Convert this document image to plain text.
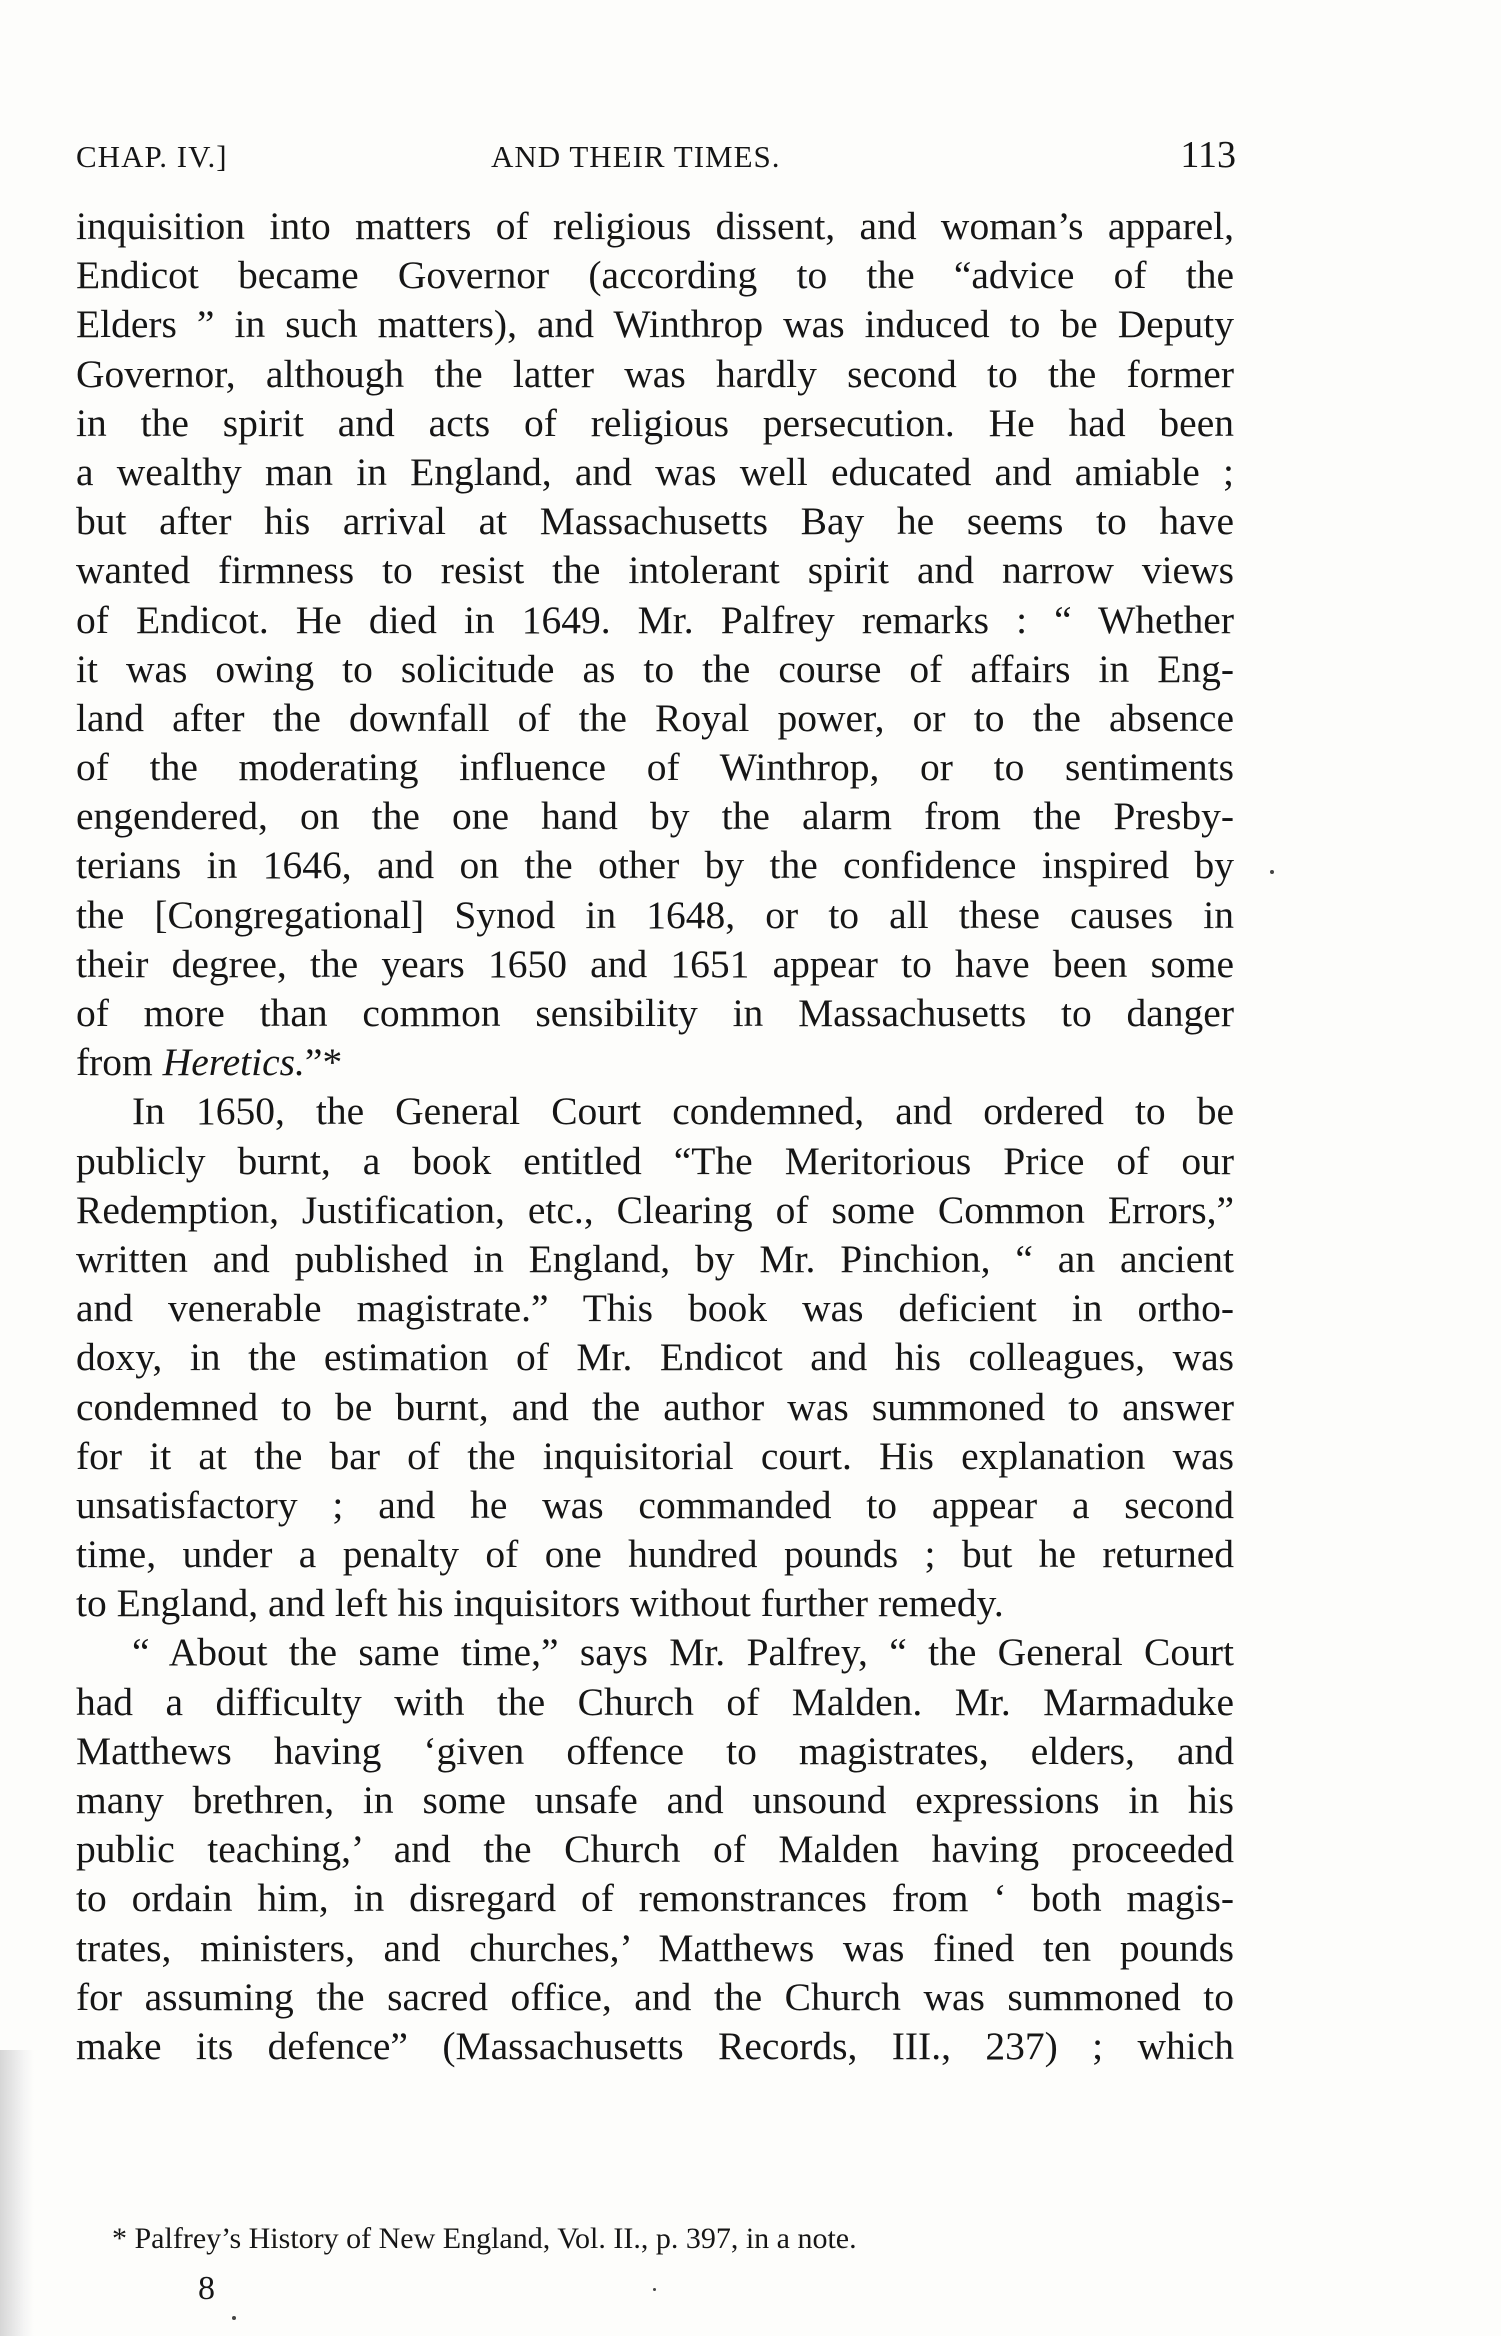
CHAP. IV.]	AND THEIR TIMES.	113
inquisition into matters of religious dissent, and woman’s apparel,
Endicot became Governor (according to the “advice of the
Elders ” in such matters), and Winthrop was induced to be Deputy
Governor, although the latter was hardly second to the former
in the spirit and acts of religious persecution. He had been
a wealthy man in England, and was well educated and amiable ;
but after his arrival at Massachusetts Bay he seems to have
wanted firmness to resist the intolerant spirit and narrow views
of Endicot. He died in 1649. Mr. Palfrey remarks : “ Whether
it was owing to solicitude as to the course of affairs in Eng-
land after the downfall of the Royal power, or to the absence
of the moderating influence of Winthrop, or to sentiments
engendered, on the one hand by the alarm from the Presby-
terians in 1646, and on the other by the confidence inspired by
the [Congregational] Synod in 1648, or to all these causes in
their degree, the years 1650 and 1651 appear to have been some
of more than common sensibility in Massachusetts to danger
from Heretics.”*
In 1650, the General Court condemned, and ordered to be
publicly burnt, a book entitled “The Meritorious Price of our
Redemption, Justification, etc., Clearing of some Common Errors,”
written and published in England, by Mr. Pinchion, “ an ancient
and venerable magistrate.” This book was deficient in ortho-
doxy, in the estimation of Mr. Endicot and his colleagues, was
condemned to be burnt, and the author was summoned to answer
for it at the bar of the inquisitorial court. His explanation was
unsatisfactory ; and he was commanded to appear a second
time, under a penalty of one hundred pounds ; but he returned
to England, and left his inquisitors without further remedy.
“ About the same time,” says Mr. Palfrey, “ the General Court
had a difficulty with the Church of Malden. Mr. Marmaduke
Matthews having ‘given offence to magistrates, elders, and
many brethren, in some unsafe and unsound expressions in his
public teaching,’ and the Church of Malden having proceeded
to ordain him, in disregard of remonstrances from ‘ both magis-
trates, ministers, and churches,’ Matthews was fined ten pounds
for assuming the sacred office, and the Church was summoned to
make its defence” (Massachusetts Records, III., 237) ; which
* Palfrey’s History of New England, Vol. II., p. 397, in a note.
8
